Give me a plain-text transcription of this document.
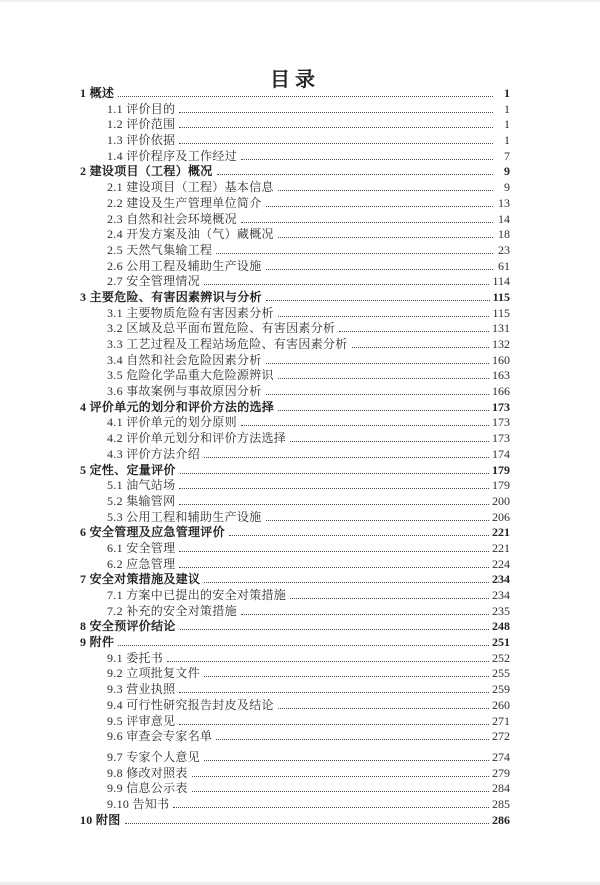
目录
1 概述	1
1.1 评价目的	1
1.2 评价范围	1
1.3 评价依据	1
1.4 评价程序及工作经过	7
2 建设项目（工程）概况	9
2.1 建设项目（工程）基本信息	9
2.2 建设及生产管理单位简介	13
2.3 自然和社会环境概况	14
2.4 开发方案及油（气）藏概况	18
2.5 天然气集输工程	23
2.6 公用工程及辅助生产设施	61
2.7 安全管理情况	114
3 主要危险、有害因素辨识与分析	115
3.1 主要物质危险有害因素分析	115
3.2 区域及总平面布置危险、有害因素分析	131
3.3 工艺过程及工程站场危险、有害因素分析	132
3.4 自然和社会危险因素分析	160
3.5 危险化学品重大危险源辨识	163
3.6 事故案例与事故原因分析	166
4 评价单元的划分和评价方法的选择	173
4.1 评价单元的划分原则	173
4.2 评价单元划分和评价方法选择	173
4.3 评价方法介绍	174
5 定性、定量评价	179
5.1 油气站场	179
5.2 集输管网	200
5.3 公用工程和辅助生产设施	206
6 安全管理及应急管理评价	221
6.1 安全管理	221
6.2 应急管理	224
7 安全对策措施及建议	234
7.1 方案中已提出的安全对策措施	234
7.2 补充的安全对策措施	235
8 安全预评价结论	248
9 附件	251
9.1 委托书	252
9.2 立项批复文件	255
9.3 营业执照	259
9.4 可行性研究报告封皮及结论	260
9.5 评审意见	271
9.6 审查会专家名单	272
9.7 专家个人意见	274
9.8 修改对照表	279
9.9 信息公示表	284
9.10 告知书	285
10 附图	286
